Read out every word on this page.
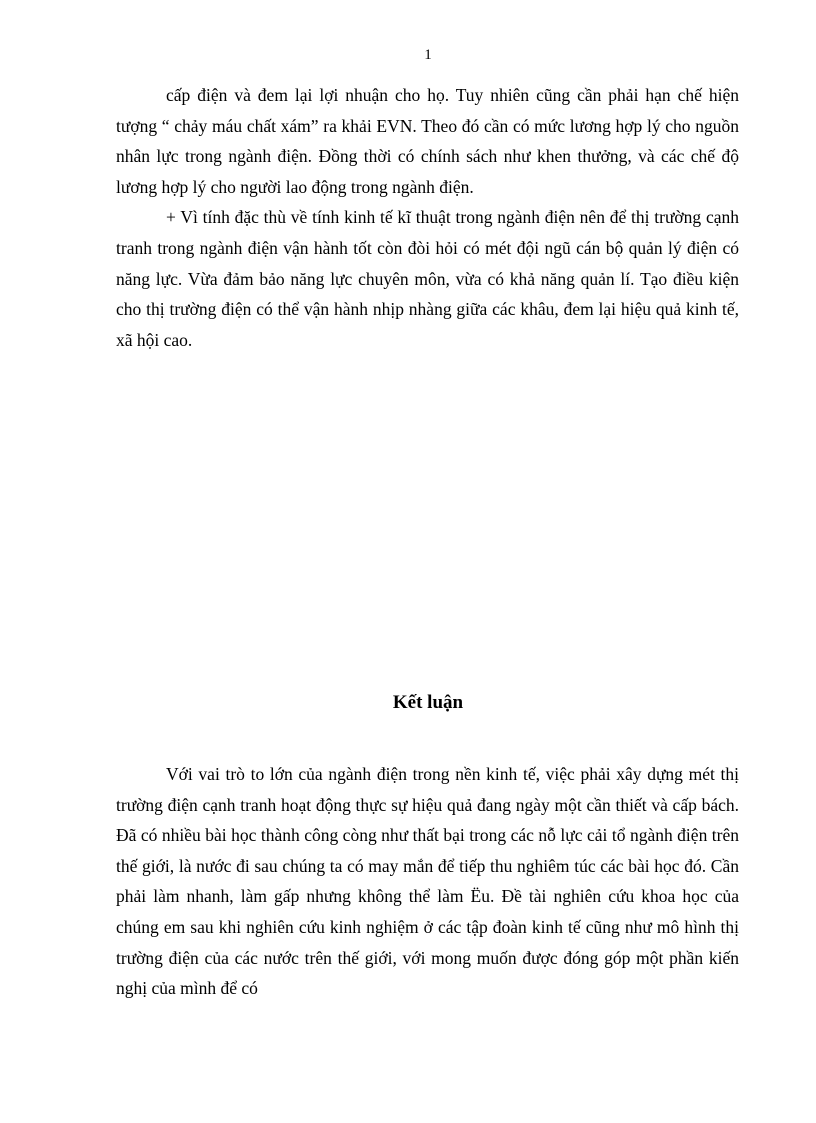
1

cấp điện và đem lại lợi nhuận cho họ. Tuy nhiên cũng cần phải hạn chế hiện tượng “ chảy máu chất xám” ra khải EVN. Theo đó cần có mức lương hợp lý cho nguồn nhân lực trong ngành điện. Đồng thời có chính sách như khen thưởng, và các chế độ lương hợp lý cho người lao động trong ngành điện.

+ Vì tính đặc thù về tính kinh tế kĩ thuật trong ngành điện nên để thị trường cạnh tranh trong ngành điện vận hành tốt còn đòi hỏi có mét đội ngũ cán bộ quản lý điện có năng lực. Vừa đảm bảo năng lực chuyên môn, vừa có khả năng quản lí. Tạo điều kiện cho thị trường điện có thể vận hành nhịp nhàng giữa các khâu, đem lại hiệu quả kinh tế, xã hội cao.

Kết luận

Với vai trò to lớn của ngành điện trong nền kinh tế, việc phải xây dựng mét thị trường điện cạnh tranh hoạt động thực sự hiệu quả đang ngày một cần thiết và cấp bách. Đã có nhiều bài học thành công còng như thất bại trong các nỗ lực cải tổ ngành điện trên thế giới, là nước đi sau chúng ta có may mắn để tiếp thu nghiêm túc các bài học đó. Cần phải làm nhanh, làm gấp nhưng không thể làm Ëu. Đề tài nghiên cứu khoa học của chúng em sau khi nghiên cứu kinh nghiệm ở các tập đoàn kinh tế cũng như mô hình thị trường điện của các nước trên thế giới, với mong muốn được đóng góp một phần kiến nghị của mình để có
